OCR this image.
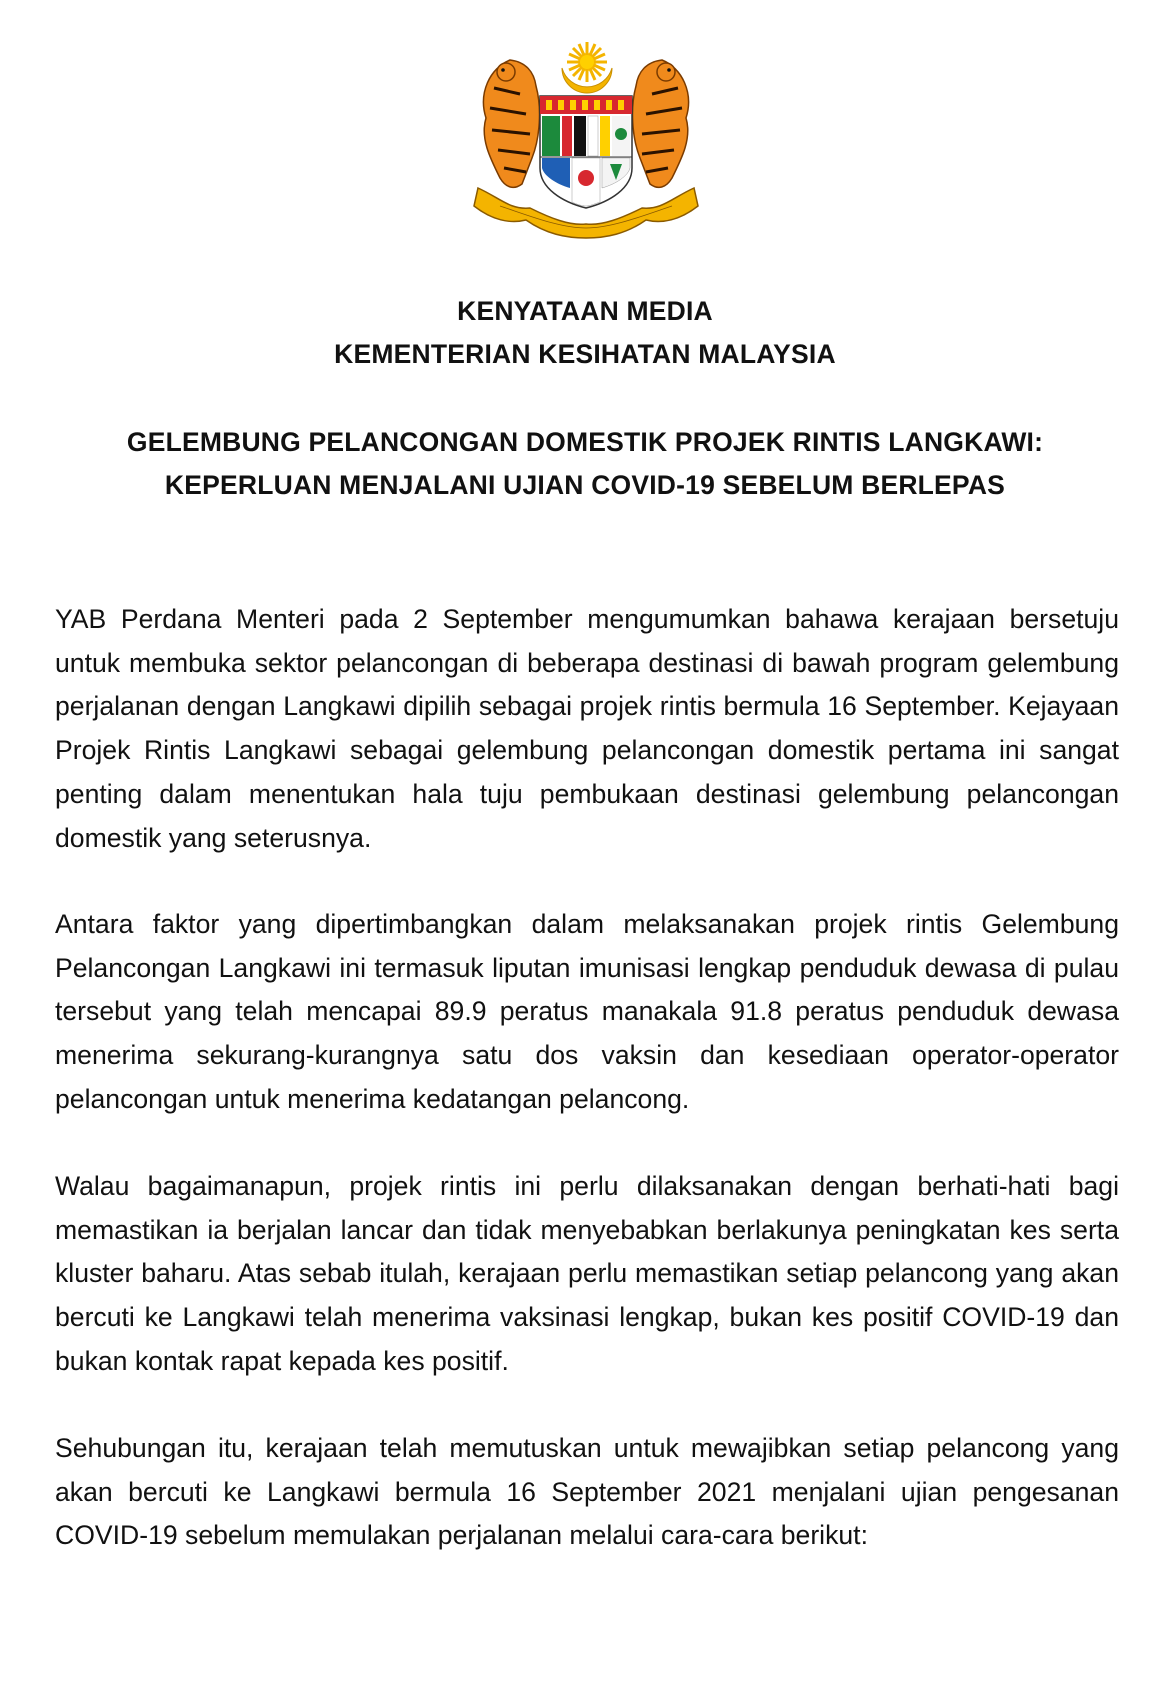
KENYATAAN MEDIA
KEMENTERIAN KESIHATAN MALAYSIA
GELEMBUNG PELANCONGAN DOMESTIK PROJEK RINTIS LANGKAWI:
KEPERLUAN MENJALANI UJIAN COVID-19 SEBELUM BERLEPAS

YAB Perdana Menteri pada 2 September mengumumkan bahawa kerajaan bersetuju untuk membuka sektor pelancongan di beberapa destinasi di bawah program gelembung perjalanan dengan Langkawi dipilih sebagai projek rintis bermula 16 September. Kejayaan Projek Rintis Langkawi sebagai gelembung pelancongan domestik pertama ini sangat penting dalam menentukan hala tuju pembukaan destinasi gelembung pelancongan domestik yang seterusnya.

Antara faktor yang dipertimbangkan dalam melaksanakan projek rintis Gelembung Pelancongan Langkawi ini termasuk liputan imunisasi lengkap penduduk dewasa di pulau tersebut yang telah mencapai 89.9 peratus manakala 91.8 peratus penduduk dewasa menerima sekurang-kurangnya satu dos vaksin dan kesediaan operator-operator pelancongan untuk menerima kedatangan pelancong.

Walau bagaimanapun, projek rintis ini perlu dilaksanakan dengan berhati-hati bagi memastikan ia berjalan lancar dan tidak menyebabkan berlakunya peningkatan kes serta kluster baharu. Atas sebab itulah, kerajaan perlu memastikan setiap pelancong yang akan bercuti ke Langkawi telah menerima vaksinasi lengkap, bukan kes positif COVID-19 dan bukan kontak rapat kepada kes positif.

Sehubungan itu, kerajaan telah memutuskan untuk mewajibkan setiap pelancong yang akan bercuti ke Langkawi bermula 16 September 2021 menjalani ujian pengesanan COVID-19 sebelum memulakan perjalanan melalui cara-cara berikut:
